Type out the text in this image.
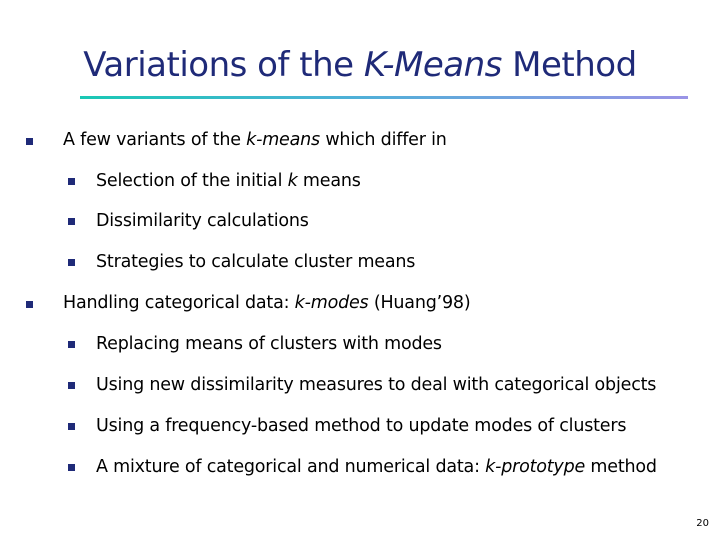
Variations of the K-Means Method
A few variants of the k-means which differ in
Selection of the initial k means
Dissimilarity calculations
Strategies to calculate cluster means
Handling categorical data: k-modes (Huang’98)
Replacing means of clusters with modes
Using new dissimilarity measures to deal with categorical objects
Using a frequency-based method to update modes of clusters
A mixture of categorical and numerical data: k-prototype method
20
